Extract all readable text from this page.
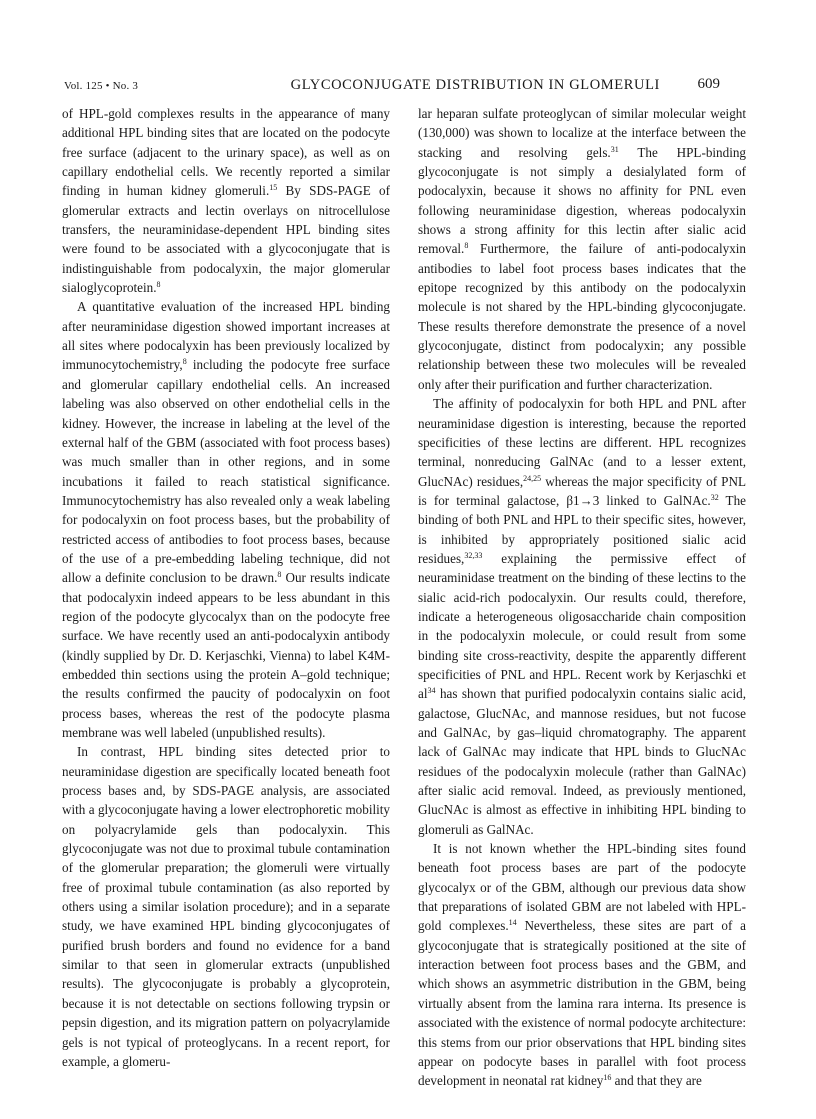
Vol. 125 • No. 3	GLYCOCONJUGATE DISTRIBUTION IN GLOMERULI	609

of HPL-gold complexes results in the appearance of many additional HPL binding sites that are located on the podocyte free surface (adjacent to the urinary space), as well as on capillary endothelial cells. We recently reported a similar finding in human kidney glomeruli.$^{15}$ By SDS-PAGE of glomerular extracts and lectin overlays on nitrocellulose transfers, the neuraminidase-dependent HPL binding sites were found to be associated with a glycoconjugate that is indistinguishable from podocalyxin, the major glomerular sialoglycoprotein.$^8$

A quantitative evaluation of the increased HPL binding after neuraminidase digestion showed important increases at all sites where podocalyxin has been previously localized by immunocytochemistry,$^8$ including the podocyte free surface and glomerular capillary endothelial cells. An increased labeling was also observed on other endothelial cells in the kidney. However, the increase in labeling at the level of the external half of the GBM (associated with foot process bases) was much smaller than in other regions, and in some incubations it failed to reach statistical significance. Immunocytochemistry has also revealed only a weak labeling for podocalyxin on foot process bases, but the probability of restricted access of antibodies to foot process bases, because of the use of a pre-embedding labeling technique, did not allow a definite conclusion to be drawn.$^8$ Our results indicate that podocalyxin indeed appears to be less abundant in this region of the podocyte glycocalyx than on the podocyte free surface. We have recently used an anti-podocalyxin antibody (kindly supplied by Dr. D. Kerjaschki, Vienna) to label K4M-embedded thin sections using the protein A–gold technique; the results confirmed the paucity of podocalyxin on foot process bases, whereas the rest of the podocyte plasma membrane was well labeled (unpublished results).

In contrast, HPL binding sites detected prior to neuraminidase digestion are specifically located beneath foot process bases and, by SDS-PAGE analysis, are associated with a glycoconjugate having a lower electrophoretic mobility on polyacrylamide gels than podocalyxin. This glycoconjugate was not due to proximal tubule contamination of the glomerular preparation; the glomeruli were virtually free of proximal tubule contamination (as also reported by others using a similar isolation procedure); and in a separate study, we have examined HPL binding glycoconjugates of purified brush borders and found no evidence for a band similar to that seen in glomerular extracts (unpublished results). The glycoconjugate is probably a glycoprotein, because it is not detectable on sections following trypsin or pepsin digestion, and its migration pattern on polyacrylamide gels is not typical of proteoglycans. In a recent report, for example, a glomeru-

lar heparan sulfate proteoglycan of similar molecular weight (130,000) was shown to localize at the interface between the stacking and resolving gels.$^{31}$ The HPL-binding glycoconjugate is not simply a desialylated form of podocalyxin, because it shows no affinity for PNL even following neuraminidase digestion, whereas podocalyxin shows a strong affinity for this lectin after sialic acid removal.$^8$ Furthermore, the failure of anti-podocalyxin antibodies to label foot process bases indicates that the epitope recognized by this antibody on the podocalyxin molecule is not shared by the HPL-binding glycoconjugate. These results therefore demonstrate the presence of a novel glycoconjugate, distinct from podocalyxin; any possible relationship between these two molecules will be revealed only after their purification and further characterization.

The affinity of podocalyxin for both HPL and PNL after neuraminidase digestion is interesting, because the reported specificities of these lectins are different. HPL recognizes terminal, nonreducing GalNAc (and to a lesser extent, GlucNAc) residues,$^{24,25}$ whereas the major specificity of PNL is for terminal galactose, β1→3 linked to GalNAc.$^{32}$ The binding of both PNL and HPL to their specific sites, however, is inhibited by appropriately positioned sialic acid residues,$^{32,33}$ explaining the permissive effect of neuraminidase treatment on the binding of these lectins to the sialic acid-rich podocalyxin. Our results could, therefore, indicate a heterogeneous oligosaccharide chain composition in the podocalyxin molecule, or could result from some binding site cross-reactivity, despite the apparently different specificities of PNL and HPL. Recent work by Kerjaschki et $al^{34}$ has shown that purified podocalyxin contains sialic acid, galactose, GlucNAc, and mannose residues, but not fucose and GalNAc, by gas–liquid chromatography. The apparent lack of GalNAc may indicate that HPL binds to GlucNAc residues of the podocalyxin molecule (rather than GalNAc) after sialic acid removal. Indeed, as previously mentioned, GlucNAc is almost as effective in inhibiting HPL binding to glomeruli as GalNAc.

It is not known whether the HPL-binding sites found beneath foot process bases are part of the podocyte glycocalyx or of the GBM, although our previous data show that preparations of isolated GBM are not labeled with HPL-gold complexes.$^{14}$ Nevertheless, these sites are part of a glycoconjugate that is strategically positioned at the site of interaction between foot process bases and the GBM, and which shows an asymmetric distribution in the GBM, being virtually absent from the lamina rara interna. Its presence is associated with the existence of normal podocyte architecture: this stems from our prior observations that HPL binding sites appear on podocyte bases in parallel with foot process development in neonatal rat kidney$^{16}$ and that they are
